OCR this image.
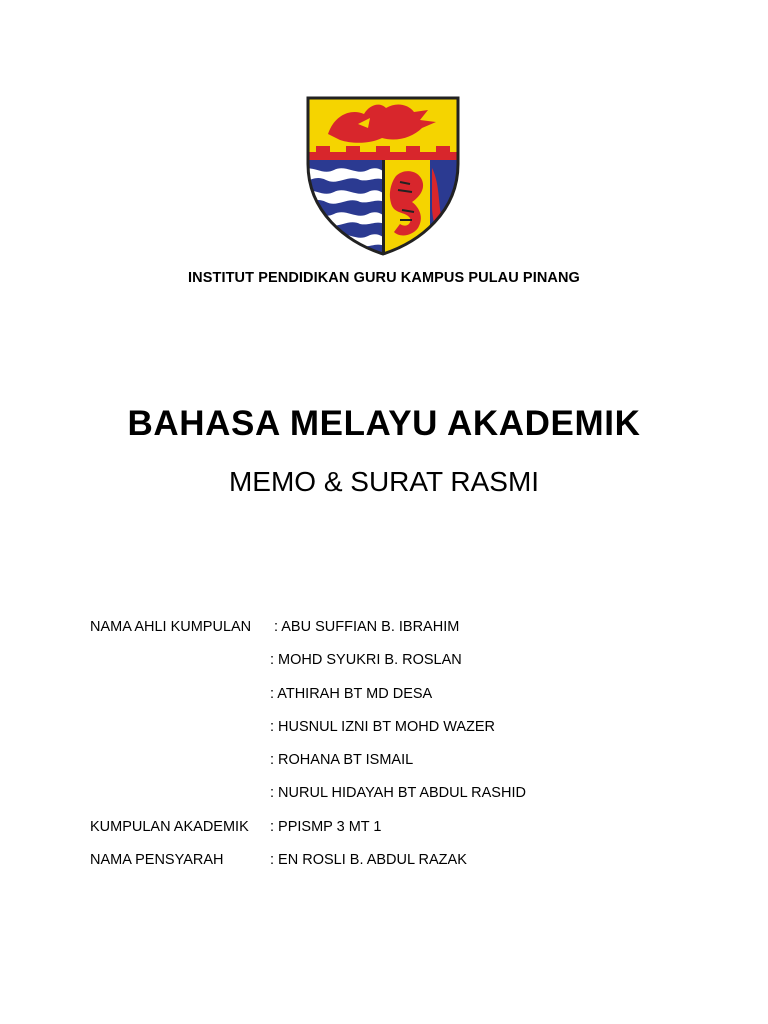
INSTITUT PENDIDIKAN GURU KAMPUS PULAU PINANG
BAHASA MELAYU AKADEMIK
MEMO & SURAT RASMI
NAMA AHLI KUMPULAN : ABU SUFFIAN B. IBRAHIM
: MOHD SYUKRI B. ROSLAN
: ATHIRAH BT MD DESA
: HUSNUL IZNI BT MOHD WAZER
: ROHANA BT ISMAIL
: NURUL HIDAYAH BT ABDUL RASHID
KUMPULAN AKADEMIK : PPISMP 3 MT 1
NAMA PENSYARAH	: EN ROSLI B. ABDUL RAZAK
